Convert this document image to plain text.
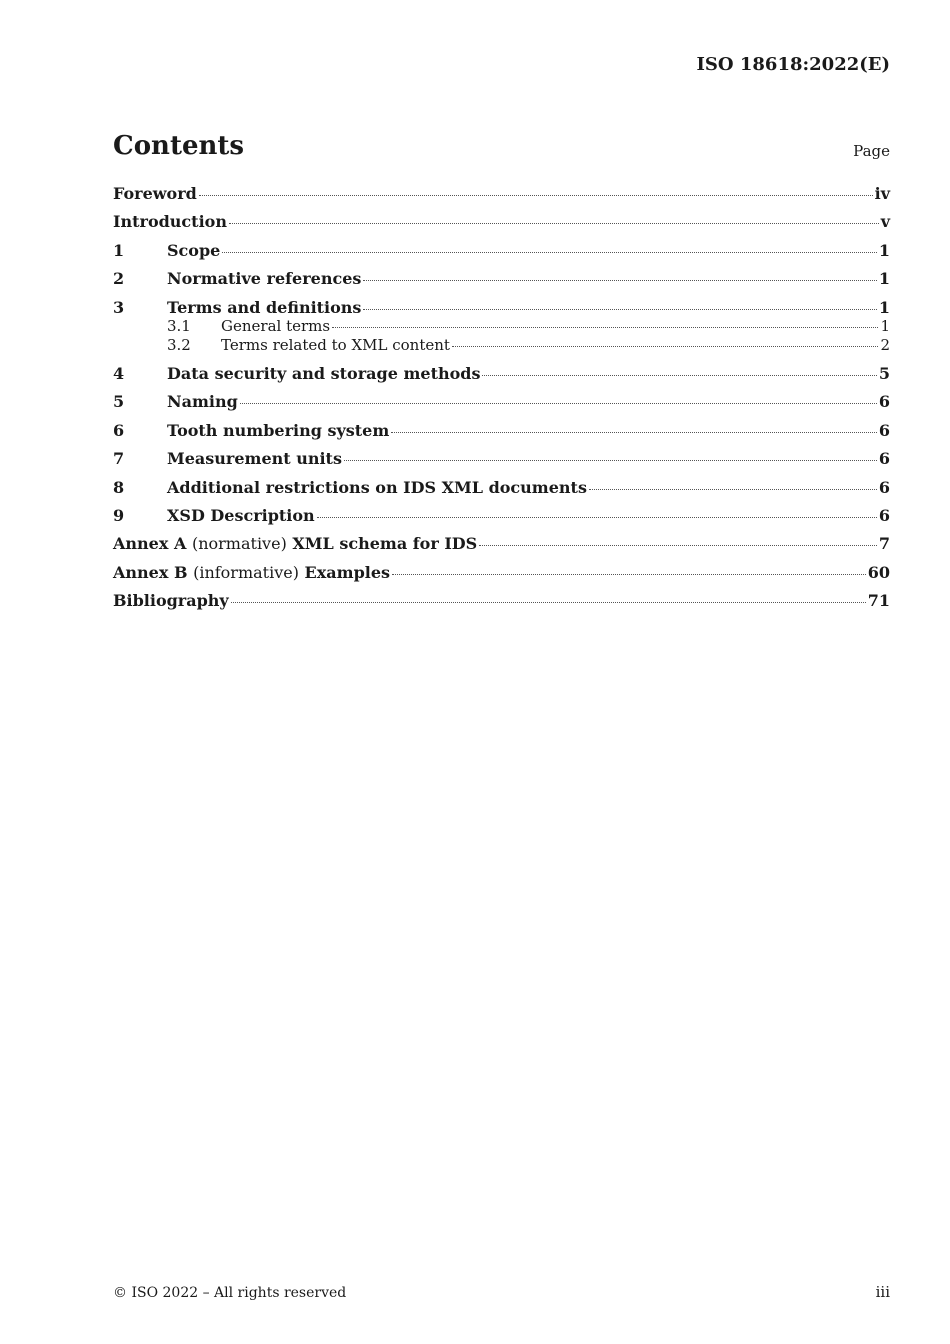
ISO 18618:2022(E)
Contents	Page
Foreword	iv
Introduction	v
1	Scope	1
2	Normative references	1
3	Terms and definitions	1
3.1	General terms	1
3.2	Terms related to XML content	2
4	Data security and storage methods	5
5	Naming	6
6	Tooth numbering system	6
7	Measurement units	6
8	Additional restrictions on IDS XML documents	6
9	XSD Description	6
Annex A (normative) XML schema for IDS	7
Annex B (informative) Examples	60
Bibliography	71
© ISO 2022 – All rights reserved	iii
